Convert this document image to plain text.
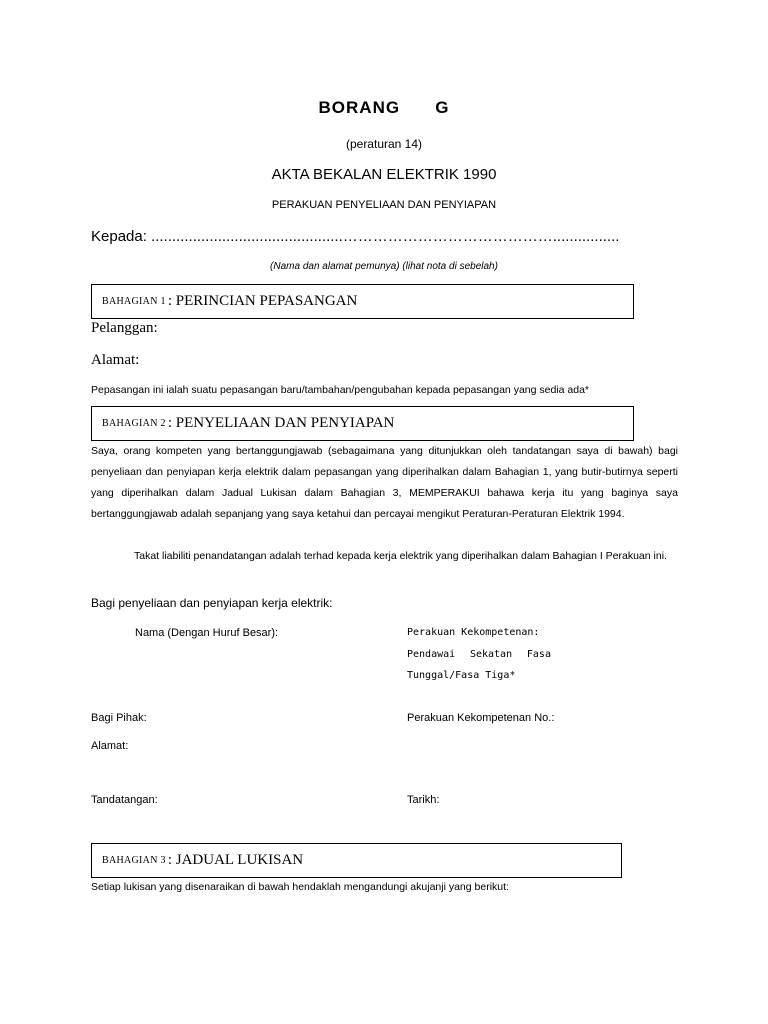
BORANG   G
(peraturan 14)
AKTA BEKALAN ELEKTRIK 1990
PERAKUAN PENYELIAAN DAN PENYIAPAN
Kepada: ..............................................……………………………………................
(Nama dan alamat pemunya) (lihat nota di sebelah)
BAHAGIAN 1 : PERINCIAN PEPASANGAN
Pelanggan:
Alamat:
Pepasangan ini ialah suatu pepasangan baru/tambahan/pengubahan kepada pepasangan yang sedia ada*
BAHAGIAN 2 : PENYELIAAN DAN PENYIAPAN
Saya, orang kompeten yang bertanggungjawab (sebagaimana yang ditunjukkan oleh tandatangan saya di bawah) bagi penyeliaan dan penyiapan kerja elektrik dalam pepasangan yang diperihalkan dalam Bahagian 1, yang butir-butirnya seperti yang diperihalkan dalam Jadual Lukisan dalam Bahagian 3, MEMPERAKUI bahawa kerja itu yang baginya saya bertanggungjawab adalah sepanjang yang saya ketahui dan percayai mengikut Peraturan-Peraturan Elektrik 1994.
Takat liabiliti penandatangan adalah terhad kepada kerja elektrik yang diperihalkan dalam Bahagian I Perakuan ini.
Bagi penyeliaan dan penyiapan kerja elektrik:
Nama (Dengan Huruf Besar):	Perakuan Kekompetenan:
Pendawai Sekatan Fasa
Tunggal/Fasa Tiga*
Bagi Pihak:	Perakuan Kekompetenan No.:
Alamat:
Tandatangan:	Tarikh:
BAHAGIAN 3 : JADUAL LUKISAN
Setiap lukisan yang disenaraikan di bawah hendaklah mengandungi akujanji yang berikut:
